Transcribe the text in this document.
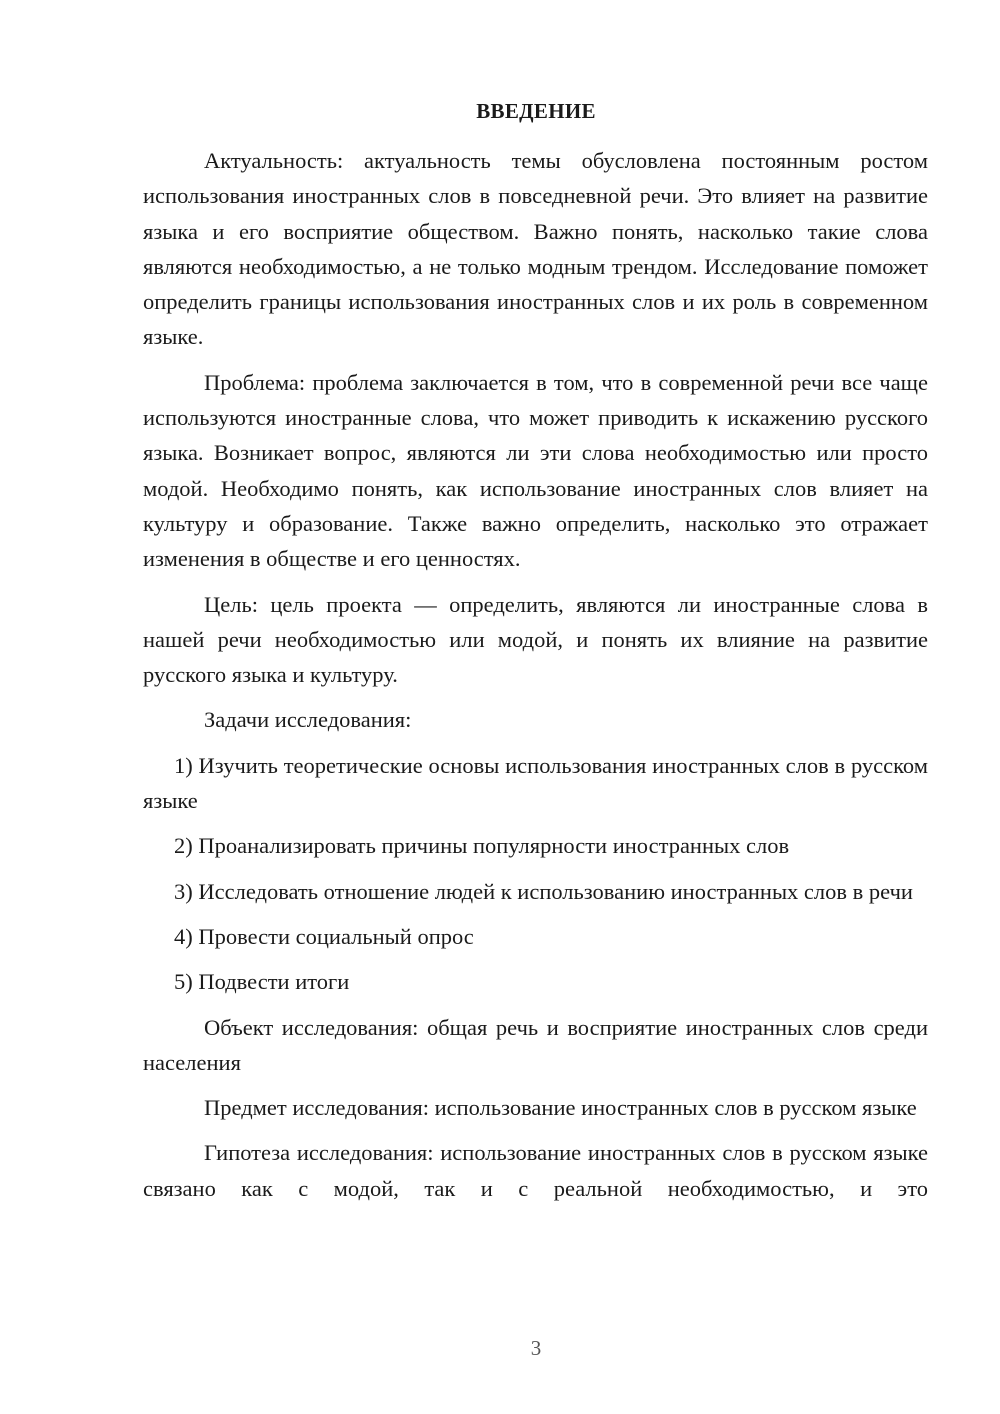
ВВЕДЕНИЕ

Актуальность: актуальность темы обусловлена постоянным ростом использования иностранных слов в повседневной речи. Это влияет на развитие языка и его восприятие обществом. Важно понять, насколько такие слова являются необходимостью, а не только модным трендом. Исследование поможет определить границы использования иностранных слов и их роль в современном языке.

Проблема: проблема заключается в том, что в современной речи все чаще используются иностранные слова, что может приводить к искажению русского языка. Возникает вопрос, являются ли эти слова необходимостью или просто модой. Необходимо понять, как использование иностранных слов влияет на культуру и образование. Также важно определить, насколько это отражает изменения в обществе и его ценностях.

Цель: цель проекта — определить, являются ли иностранные слова в нашей речи необходимостью или модой, и понять их влияние на развитие русского языка и культуру.

Задачи исследования:

1) Изучить теоретические основы использования иностранных слов в русском языке

2) Проанализировать причины популярности иностранных слов

3) Исследовать отношение людей к использованию иностранных слов в речи

4) Провести социальный опрос

5) Подвести итоги

Объект исследования: общая речь и восприятие иностранных слов среди населения

Предмет исследования: использование иностранных слов в русском языке

Гипотеза исследования: использование иностранных слов в русском языке связано как с модой, так и с реальной необходимостью, и это

3
